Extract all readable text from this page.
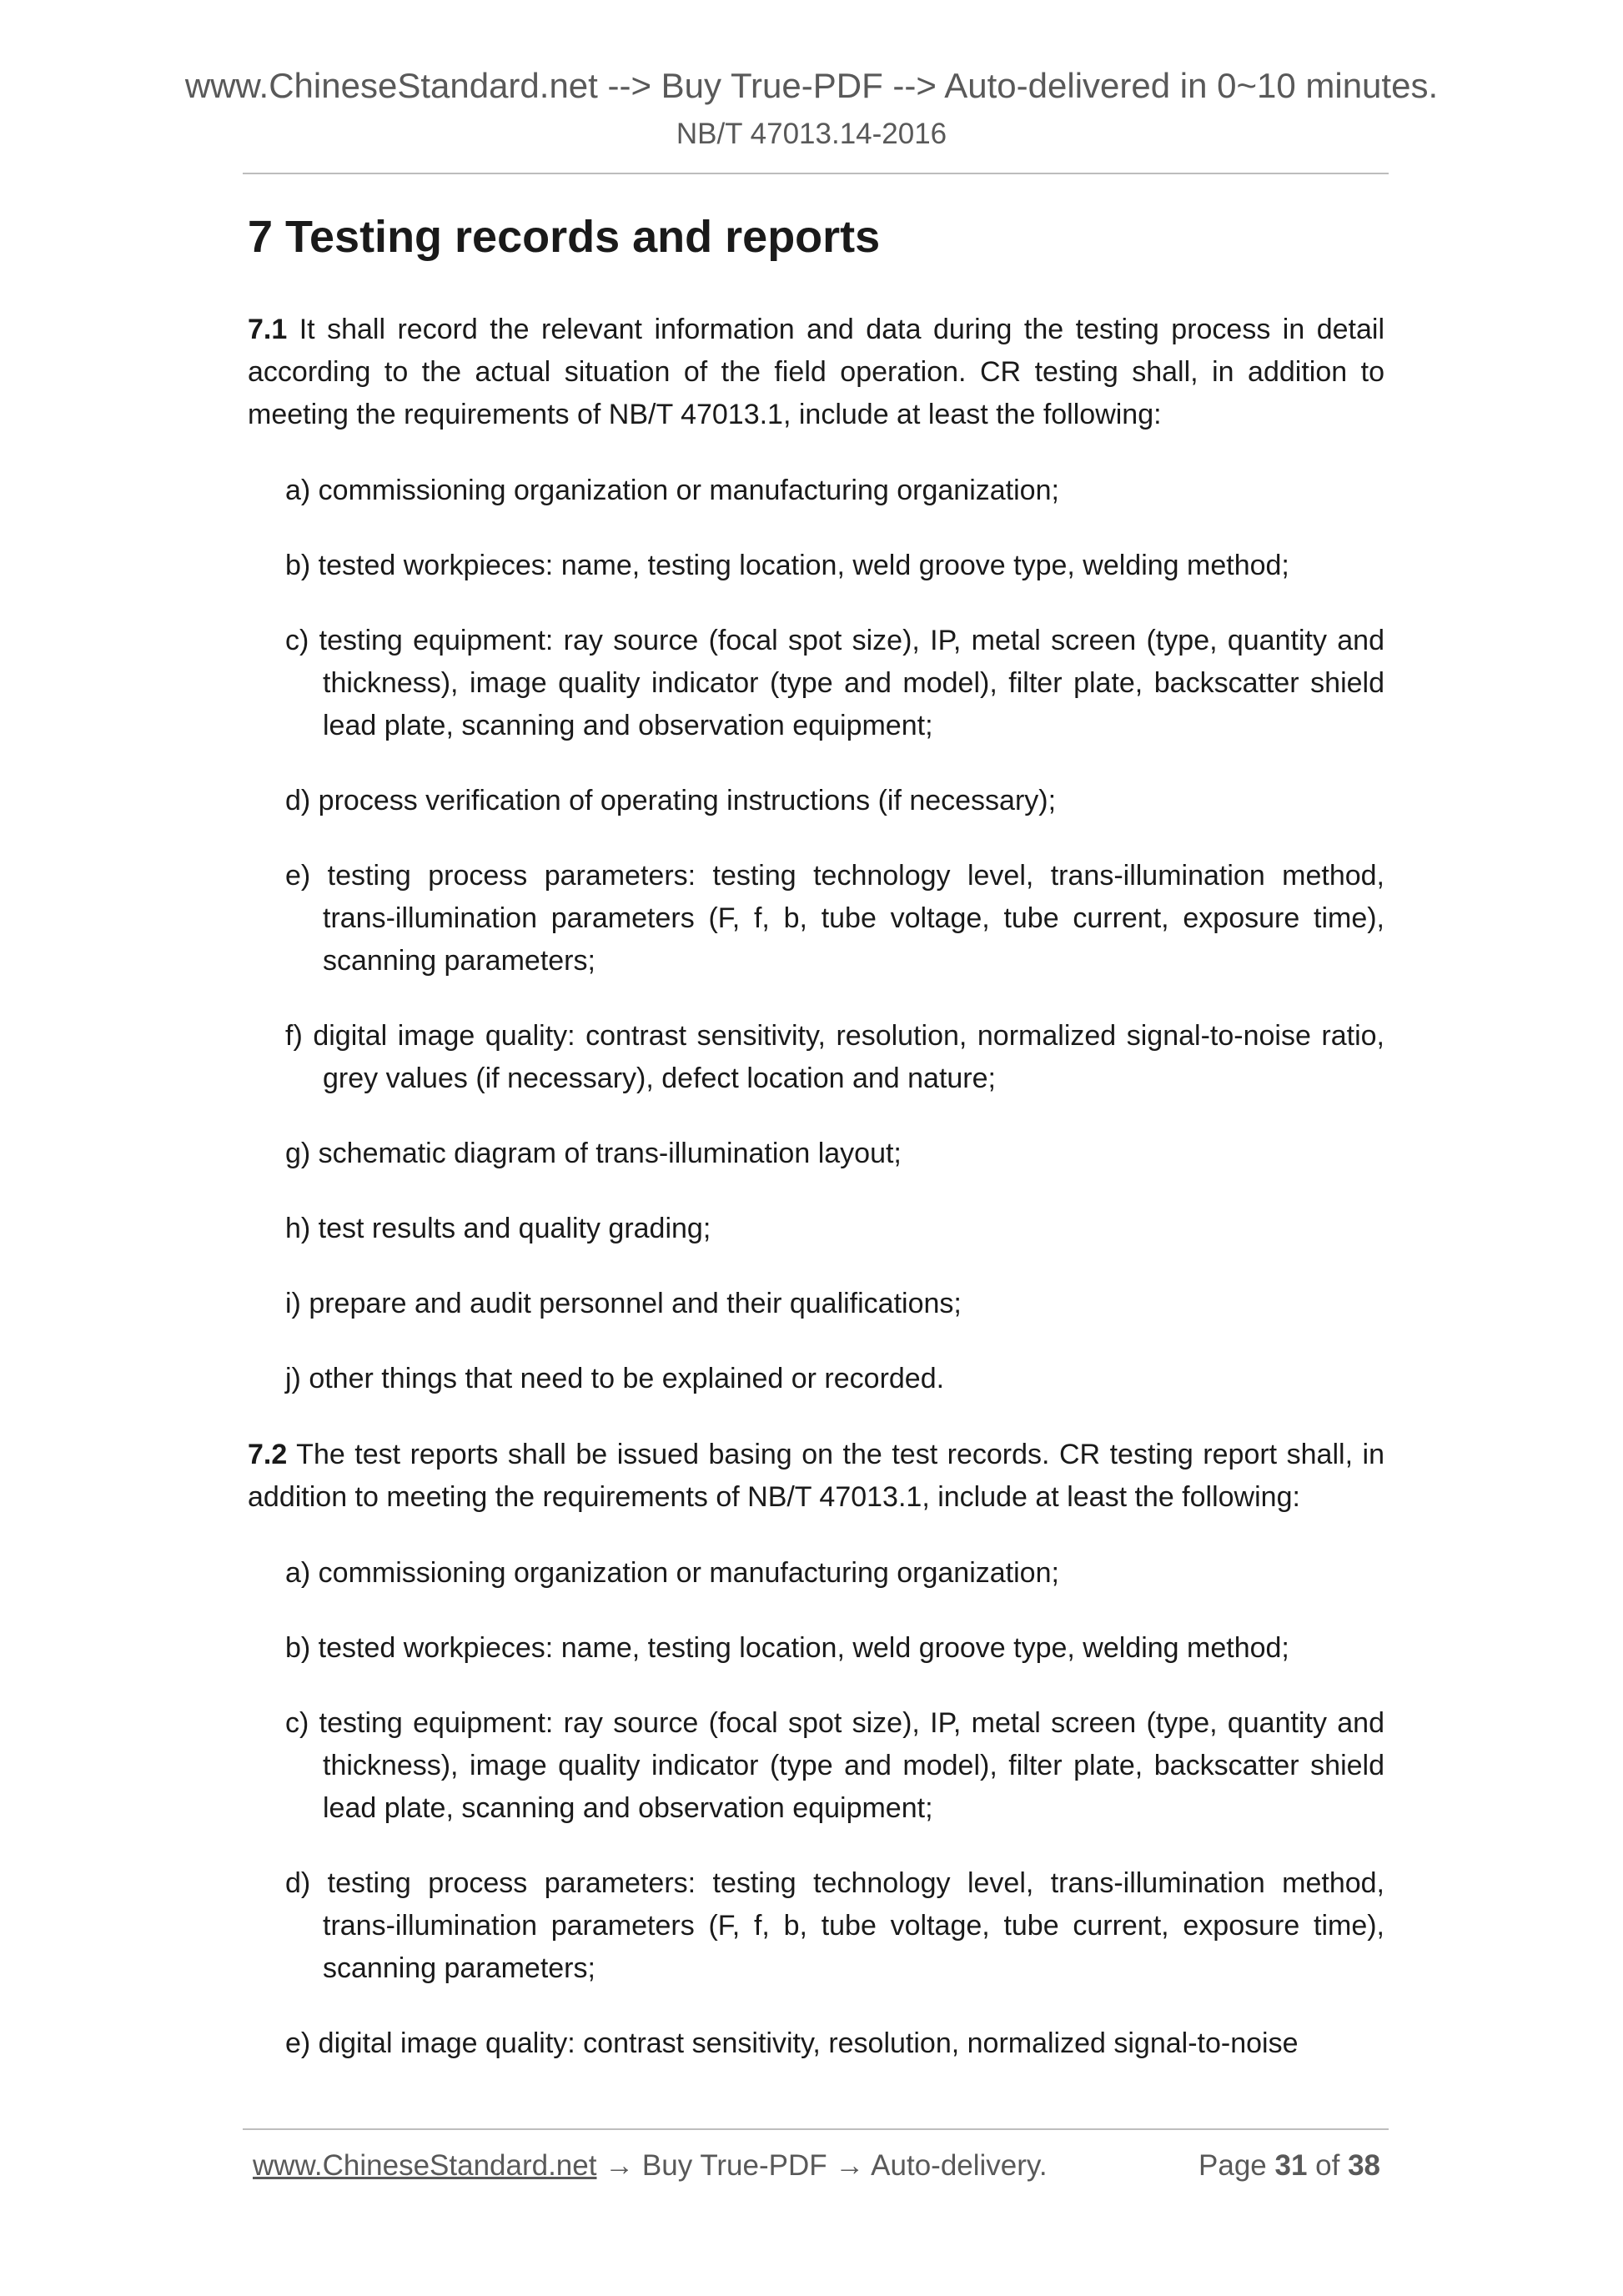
www.ChineseStandard.net --> Buy True-PDF --> Auto-delivered in 0~10 minutes.
NB/T 47013.14-2016
7 Testing records and reports

7.1 It shall record the relevant information and data during the testing process in detail according to the actual situation of the field operation. CR testing shall, in addition to meeting the requirements of NB/T 47013.1, include at least the following:

a) commissioning organization or manufacturing organization;
b) tested workpieces: name, testing location, weld groove type, welding method;
c) testing equipment: ray source (focal spot size), IP, metal screen (type, quantity and thickness), image quality indicator (type and model), filter plate, backscatter shield lead plate, scanning and observation equipment;
d) process verification of operating instructions (if necessary);
e) testing process parameters: testing technology level, trans-illumination method, trans-illumination parameters (F, f, b, tube voltage, tube current, exposure time), scanning parameters;
f) digital image quality: contrast sensitivity, resolution, normalized signal-to-noise ratio, grey values (if necessary), defect location and nature;
g) schematic diagram of trans-illumination layout;
h) test results and quality grading;
i) prepare and audit personnel and their qualifications;
j) other things that need to be explained or recorded.

7.2 The test reports shall be issued basing on the test records. CR testing report shall, in addition to meeting the requirements of NB/T 47013.1, include at least the following:

a) commissioning organization or manufacturing organization;
b) tested workpieces: name, testing location, weld groove type, welding method;
c) testing equipment: ray source (focal spot size), IP, metal screen (type, quantity and thickness), image quality indicator (type and model), filter plate, backscatter shield lead plate, scanning and observation equipment;
d) testing process parameters: testing technology level, trans-illumination method, trans-illumination parameters (F, f, b, tube voltage, tube current, exposure time), scanning parameters;
e) digital image quality: contrast sensitivity, resolution, normalized signal-to-noise
www.ChineseStandard.net → Buy True-PDF → Auto-delivery.	Page 31 of 38
